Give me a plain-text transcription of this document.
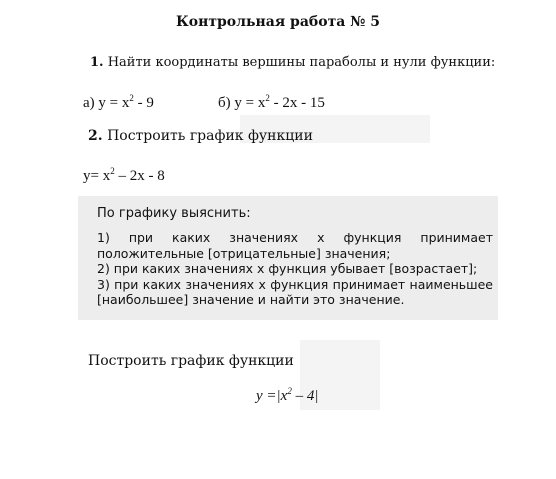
Контрольная работа № 5
1. Найти координаты вершины параболы и нули функции:
а) $y = x^2 - 9$	б) $y = x^2 - 2x - 15$
2. Построить график функции
$y= x^2 - 2x - 8$
По графику выяснить:
1) при каких значениях x функция принимает положительные [отрицательные] значения;
2) при каких значениях x функция убывает [возрастает];
3) при каких значениях x функция принимает наименьшее [наибольшее] значение и найти это значение.
Построить график функции
$y =|x^2 - 4|$
